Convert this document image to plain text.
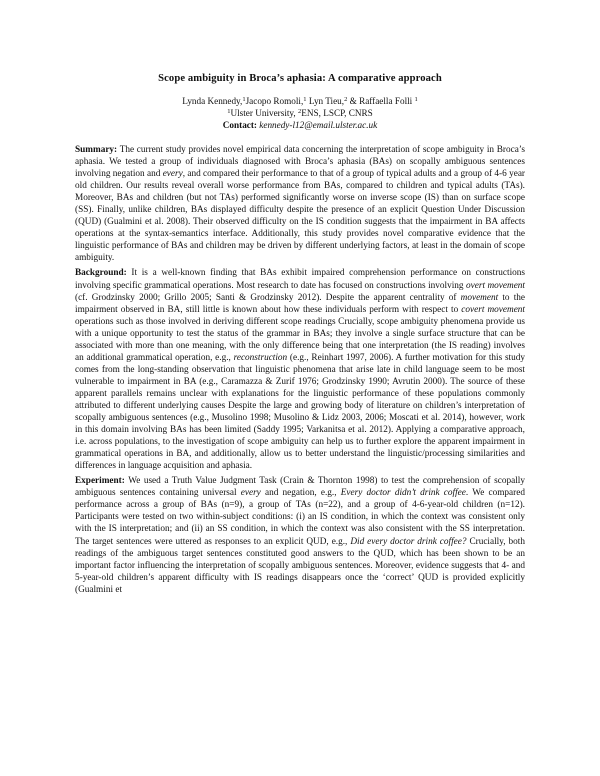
Scope ambiguity in Broca’s aphasia: A comparative approach
Lynda Kennedy,$^1$Jacopo Romoli,$^1$ Lyn Tieu,$^2$ & Raffaella Folli $^1$
$^1$Ulster University, $^2$ENS, LSCP, CNRS
Contact: kennedy-l12@email.ulster.ac.uk

Summary: The current study provides novel empirical data concerning the interpretation of scope ambiguity in Broca’s aphasia. We tested a group of individuals diagnosed with Broca’s aphasia (BAs) on scopally ambiguous sentences involving negation and every, and compared their performance to that of a group of typical adults and a group of 4-6 year old children. Our results reveal overall worse performance from BAs, compared to children and typical adults (TAs). Moreover, BAs and children (but not TAs) performed significantly worse on inverse scope (IS) than on surface scope (SS). Finally, unlike children, BAs displayed difficulty despite the presence of an explicit Question Under Discussion (QUD) (Gualmini et al. 2008). Their observed difficulty on the IS condition suggests that the impairment in BA affects operations at the syntax-semantics interface. Additionally, this study provides novel comparative evidence that the linguistic performance of BAs and children may be driven by different underlying factors, at least in the domain of scope ambiguity.

Background: It is a well-known finding that BAs exhibit impaired comprehension performance on constructions involving specific grammatical operations. Most research to date has focused on constructions involving overt movement (cf. Grodzinsky 2000; Grillo 2005; Santi & Grodzinsky 2012). Despite the apparent centrality of movement to the impairment observed in BA, still little is known about how these individuals perform with respect to covert movement operations such as those involved in deriving different scope readings Crucially, scope ambiguity phenomena provide us with a unique opportunity to test the status of the grammar in BAs; they involve a single surface structure that can be associated with more than one meaning, with the only difference being that one interpretation (the IS reading) involves an additional grammatical operation, e.g., reconstruction (e.g., Reinhart 1997, 2006). A further motivation for this study comes from the long-standing observation that linguistic phenomena that arise late in child language seem to be most vulnerable to impairment in BA (e.g., Caramazza & Zurif 1976; Grodzinsky 1990; Avrutin 2000). The source of these apparent parallels remains unclear with explanations for the linguistic performance of these populations commonly attributed to different underlying causes Despite the large and growing body of literature on children’s interpretation of scopally ambiguous sentences (e.g., Musolino 1998; Musolino & Lidz 2003, 2006; Moscati et al. 2014), however, work in this domain involving BAs has been limited (Saddy 1995; Varkanitsa et al. 2012). Applying a comparative approach, i.e. across populations, to the investigation of scope ambiguity can help us to further explore the apparent impairment in grammatical operations in BA, and additionally, allow us to better understand the linguistic/processing similarities and differences in language acquisition and aphasia.

Experiment: We used a Truth Value Judgment Task (Crain & Thornton 1998) to test the comprehension of scopally ambiguous sentences containing universal every and negation, e.g., Every doctor didn’t drink coffee. We compared performance across a group of BAs (n=9), a group of TAs (n=22), and a group of 4-6-year-old children (n=12). Participants were tested on two within-subject conditions: (i) an IS condition, in which the context was consistent only with the IS interpretation; and (ii) an SS condition, in which the context was also consistent with the SS interpretation. The target sentences were uttered as responses to an explicit QUD, e.g., Did every doctor drink coffee? Crucially, both readings of the ambiguous target sentences constituted good answers to the QUD, which has been shown to be an important factor influencing the interpretation of scopally ambiguous sentences. Moreover, evidence suggests that 4- and 5-year-old children’s apparent difficulty with IS readings disappears once the ‘correct’ QUD is provided explicitly (Gualmini et
